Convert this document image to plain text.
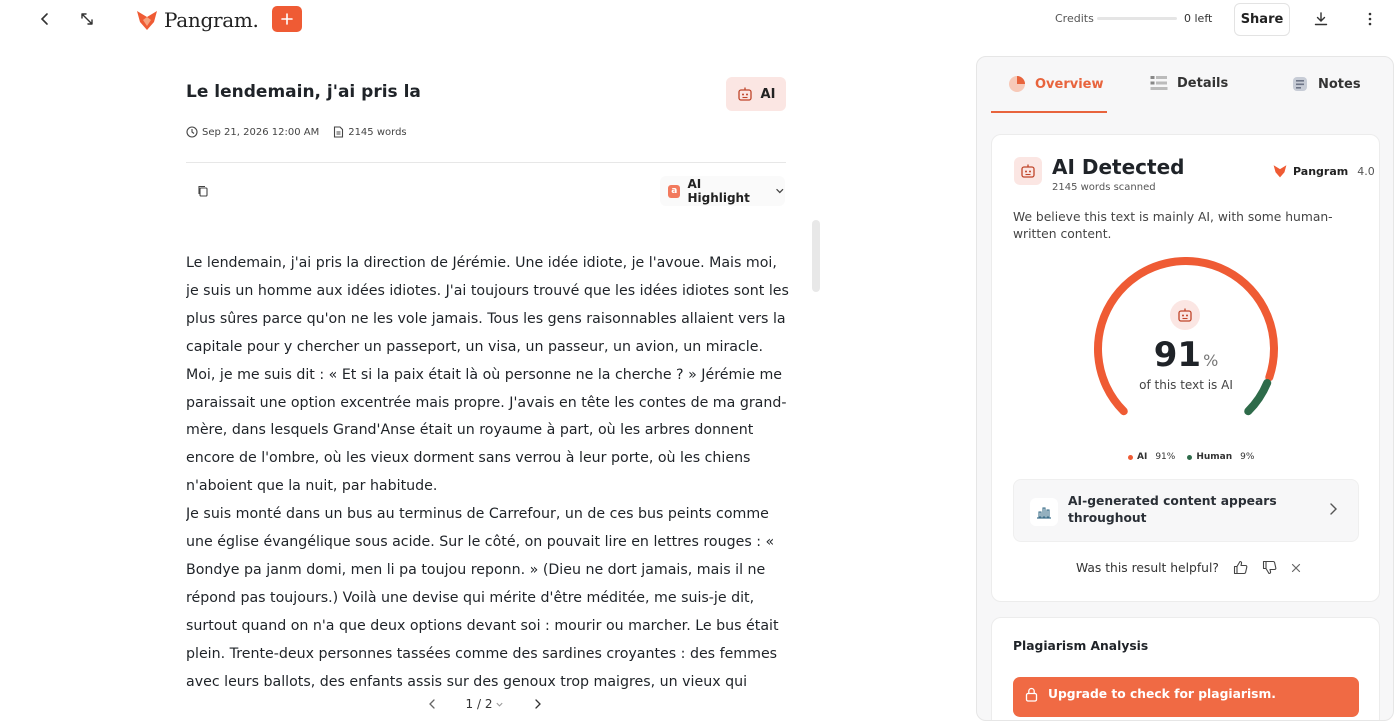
Pangram.	Credits	0 left	Share
Le lendemain, j'ai pris la	AI
Sep 21, 2026 12:00 AM	2145 words
a AI Highlight

Le lendemain, j'ai pris la direction de Jérémie. Une idée idiote, je l'avoue. Mais moi, je suis un homme aux idées idiotes. J'ai toujours trouvé que les idées idiotes sont les plus sûres parce qu'on ne les vole jamais. Tous les gens raisonnables allaient vers la capitale pour y chercher un passeport, un visa, un passeur, un avion, un miracle. Moi, je me suis dit : « Et si la paix était là où personne ne la cherche ? » Jérémie me paraissait une option excentrée mais propre. J'avais en tête les contes de ma grand-mère, dans lesquels Grand'Anse était un royaume à part, où les arbres donnent encore de l'ombre, où les vieux dorment sans verrou à leur porte, où les chiens n'aboient que la nuit, par habitude.

Je suis monté dans un bus au terminus de Carrefour, un de ces bus peints comme une église évangélique sous acide. Sur le côté, on pouvait lire en lettres rouges : « Bondye pa janm domi, men li pa toujou reponn. » (Dieu ne dort jamais, mais il ne répond pas toujours.) Voilà une devise qui mérite d'être méditée, me suis-je dit, surtout quand on n'a que deux options devant soi : mourir ou marcher. Le bus était plein. Trente-deux personnes tassées comme des sardines croyantes : des femmes avec leurs ballots, des enfants assis sur des genoux trop maigres, un vieux qui

1 / 2
Overview	Details	Notes
AI Detected
2145 words scanned
Pangram 4.0
We believe this text is mainly AI, with some human-written content.
91 %
of this text is AI
AI 91% Human 9%
AI-generated content appears throughout
Was this result helpful?
Plagiarism Analysis
Upgrade to check for plagiarism.
